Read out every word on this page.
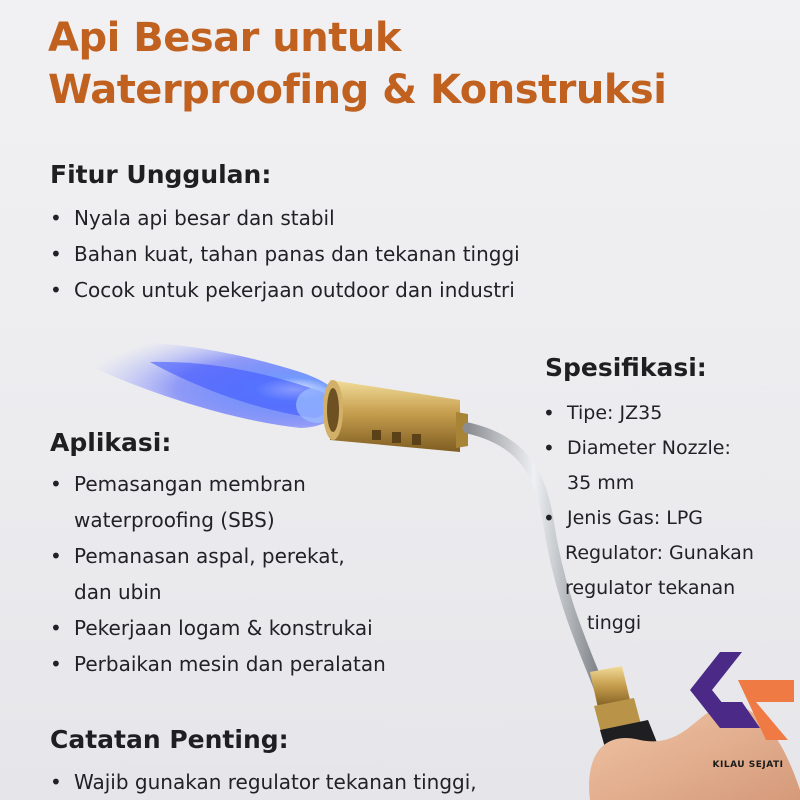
Api Besar untuk
Waterproofing & Konstruksi
Fitur Unggulan:
• Nyala api besar dan stabil
• Bahan kuat, tahan panas dan tekanan tinggi
• Cocok untuk pekerjaan outdoor dan industri
Spesifikasi:
• Tipe: JZ35
• Diameter Nozzle:
35 mm
• Jenis Gas: LPG
Regulator: Gunakan
regulator tekanan
tinggi
Aplikasi:
• Pemasangan membran
waterproofing (SBS)
• Pemanasan aspal, perekat,
dan ubin
• Pekerjaan logam & konstrukai
• Perbaikan mesin dan peralatan
Catatan Penting:
• Wajib gunakan regulator tekanan tinggi,
KILAU SEJATI
